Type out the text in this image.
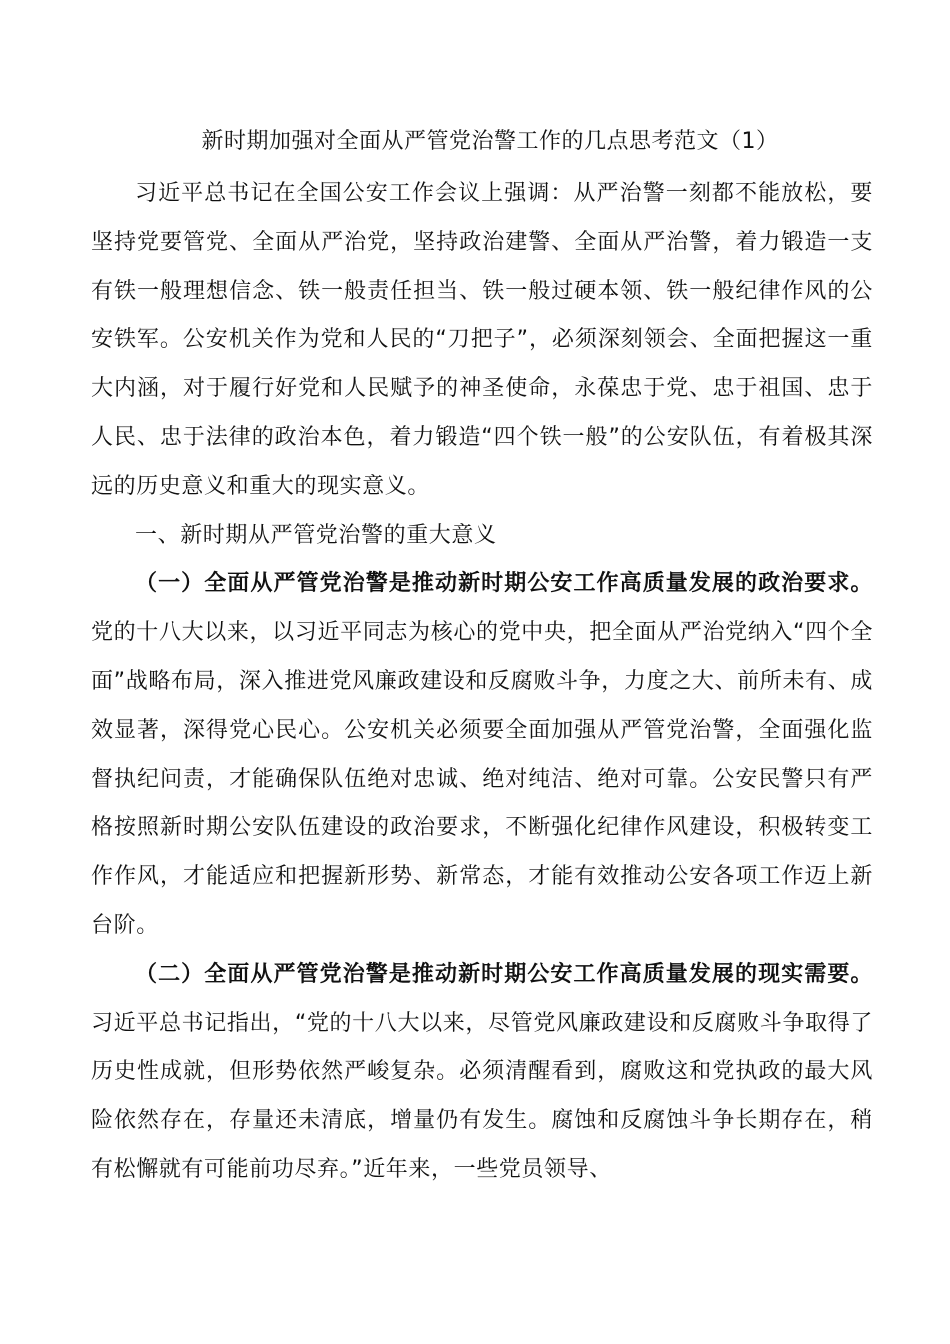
新时期加强对全面从严管党治警工作的几点思考范文（1）

习近平总书记在全国公安工作会议上强调：从严治警一刻都不能放松，要坚持党要管党、全面从严治党，坚持政治建警、全面从严治警，着力锻造一支有铁一般理想信念、铁一般责任担当、铁一般过硬本领、铁一般纪律作风的公安铁军。公安机关作为党和人民的“刀把子”，必须深刻领会、全面把握这一重大内涵，对于履行好党和人民赋予的神圣使命，永葆忠于党、忠于祖国、忠于人民、忠于法律的政治本色，着力锻造“四个铁一般”的公安队伍，有着极其深远的历史意义和重大的现实意义。

一、新时期从严管党治警的重大意义

（一）全面从严管党治警是推动新时期公安工作高质量发展的政治要求。党的十八大以来，以习近平同志为核心的党中央，把全面从严治党纳入“四个全面”战略布局，深入推进党风廉政建设和反腐败斗争，力度之大、前所未有、成效显著，深得党心民心。公安机关必须要全面加强从严管党治警，全面强化监督执纪问责，才能确保队伍绝对忠诚、绝对纯洁、绝对可靠。公安民警只有严格按照新时期公安队伍建设的政治要求，不断强化纪律作风建设，积极转变工作作风，才能适应和把握新形势、新常态，才能有效推动公安各项工作迈上新台阶。

（二）全面从严管党治警是推动新时期公安工作高质量发展的现实需要。习近平总书记指出，“党的十八大以来，尽管党风廉政建设和反腐败斗争取得了历史性成就，但形势依然严峻复杂。必须清醒看到，腐败这和党执政的最大风险依然存在，存量还未清底，增量仍有发生。腐蚀和反腐蚀斗争长期存在，稍有松懈就有可能前功尽弃。”近年来，一些党员领导、
